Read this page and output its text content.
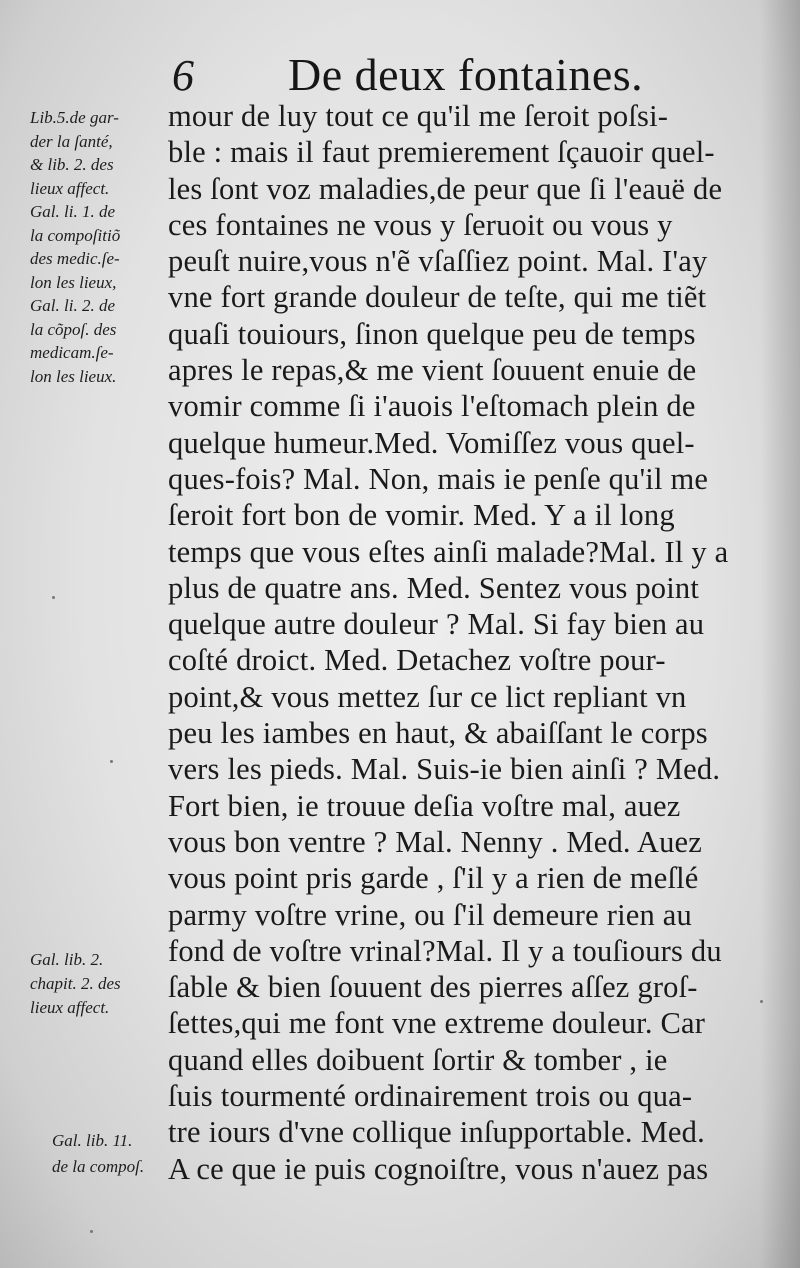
6 De deux fontaines.
Lib.5.de gar-
der la ſanté,
& lib. 2. des
lieux affect.
Gal. li. 1. de
la compoſitiõ
des medic.ſe-
lon les lieux,
Gal. li. 2. de
la cõpoſ. des
medicam.ſe-
lon les lieux.
Gal. lib. 2.
chapit. 2. des
lieux affect.
Gal. lib. 11.
de la compoſ.
mour de luy tout ce qu'il me ſeroit poſsi-
ble : mais il faut premierement ſçauoir quel-
les ſont voz maladies,de peur que ſi l'eauë de
ces fontaines ne vous y ſeruoit ou vous y
peuſt nuire,vous n'ẽ vſaſſiez point. Mal. I'ay
vne fort grande douleur de teſte, qui me tiẽt
quaſi touiours, ſinon quelque peu de temps
apres le repas,& me vient ſouuent enuie de
vomir comme ſi i'auois l'eſtomach plein de
quelque humeur.Med. Vomiſſez vous quel-
ques-fois? Mal. Non, mais ie penſe qu'il me
ſeroit fort bon de vomir. Med. Y a il long
temps que vous eſtes ainſi malade?Mal. Il y a
plus de quatre ans. Med. Sentez vous point
quelque autre douleur ? Mal. Si fay bien au
coſté droict. Med. Detachez voſtre pour-
point,& vous mettez ſur ce lict repliant vn
peu les iambes en haut, & abaiſſant le corps
vers les pieds. Mal. Suis-ie bien ainſi ? Med.
Fort bien, ie trouue deſia voſtre mal, auez
vous bon ventre ? Mal. Nenny . Med. Auez
vous point pris garde , ſ'il y a rien de meſlé
parmy voſtre vrine, ou ſ'il demeure rien au
fond de voſtre vrinal?Mal. Il y a touſiours du
ſable & bien ſouuent des pierres aſſez groſ-
ſettes,qui me font vne extreme douleur. Car
quand elles doibuent ſortir & tomber , ie
ſuis tourmenté ordinairement trois ou qua-
tre iours d'vne collique inſupportable. Med.
A ce que ie puis cognoiſtre, vous n'auez pas
